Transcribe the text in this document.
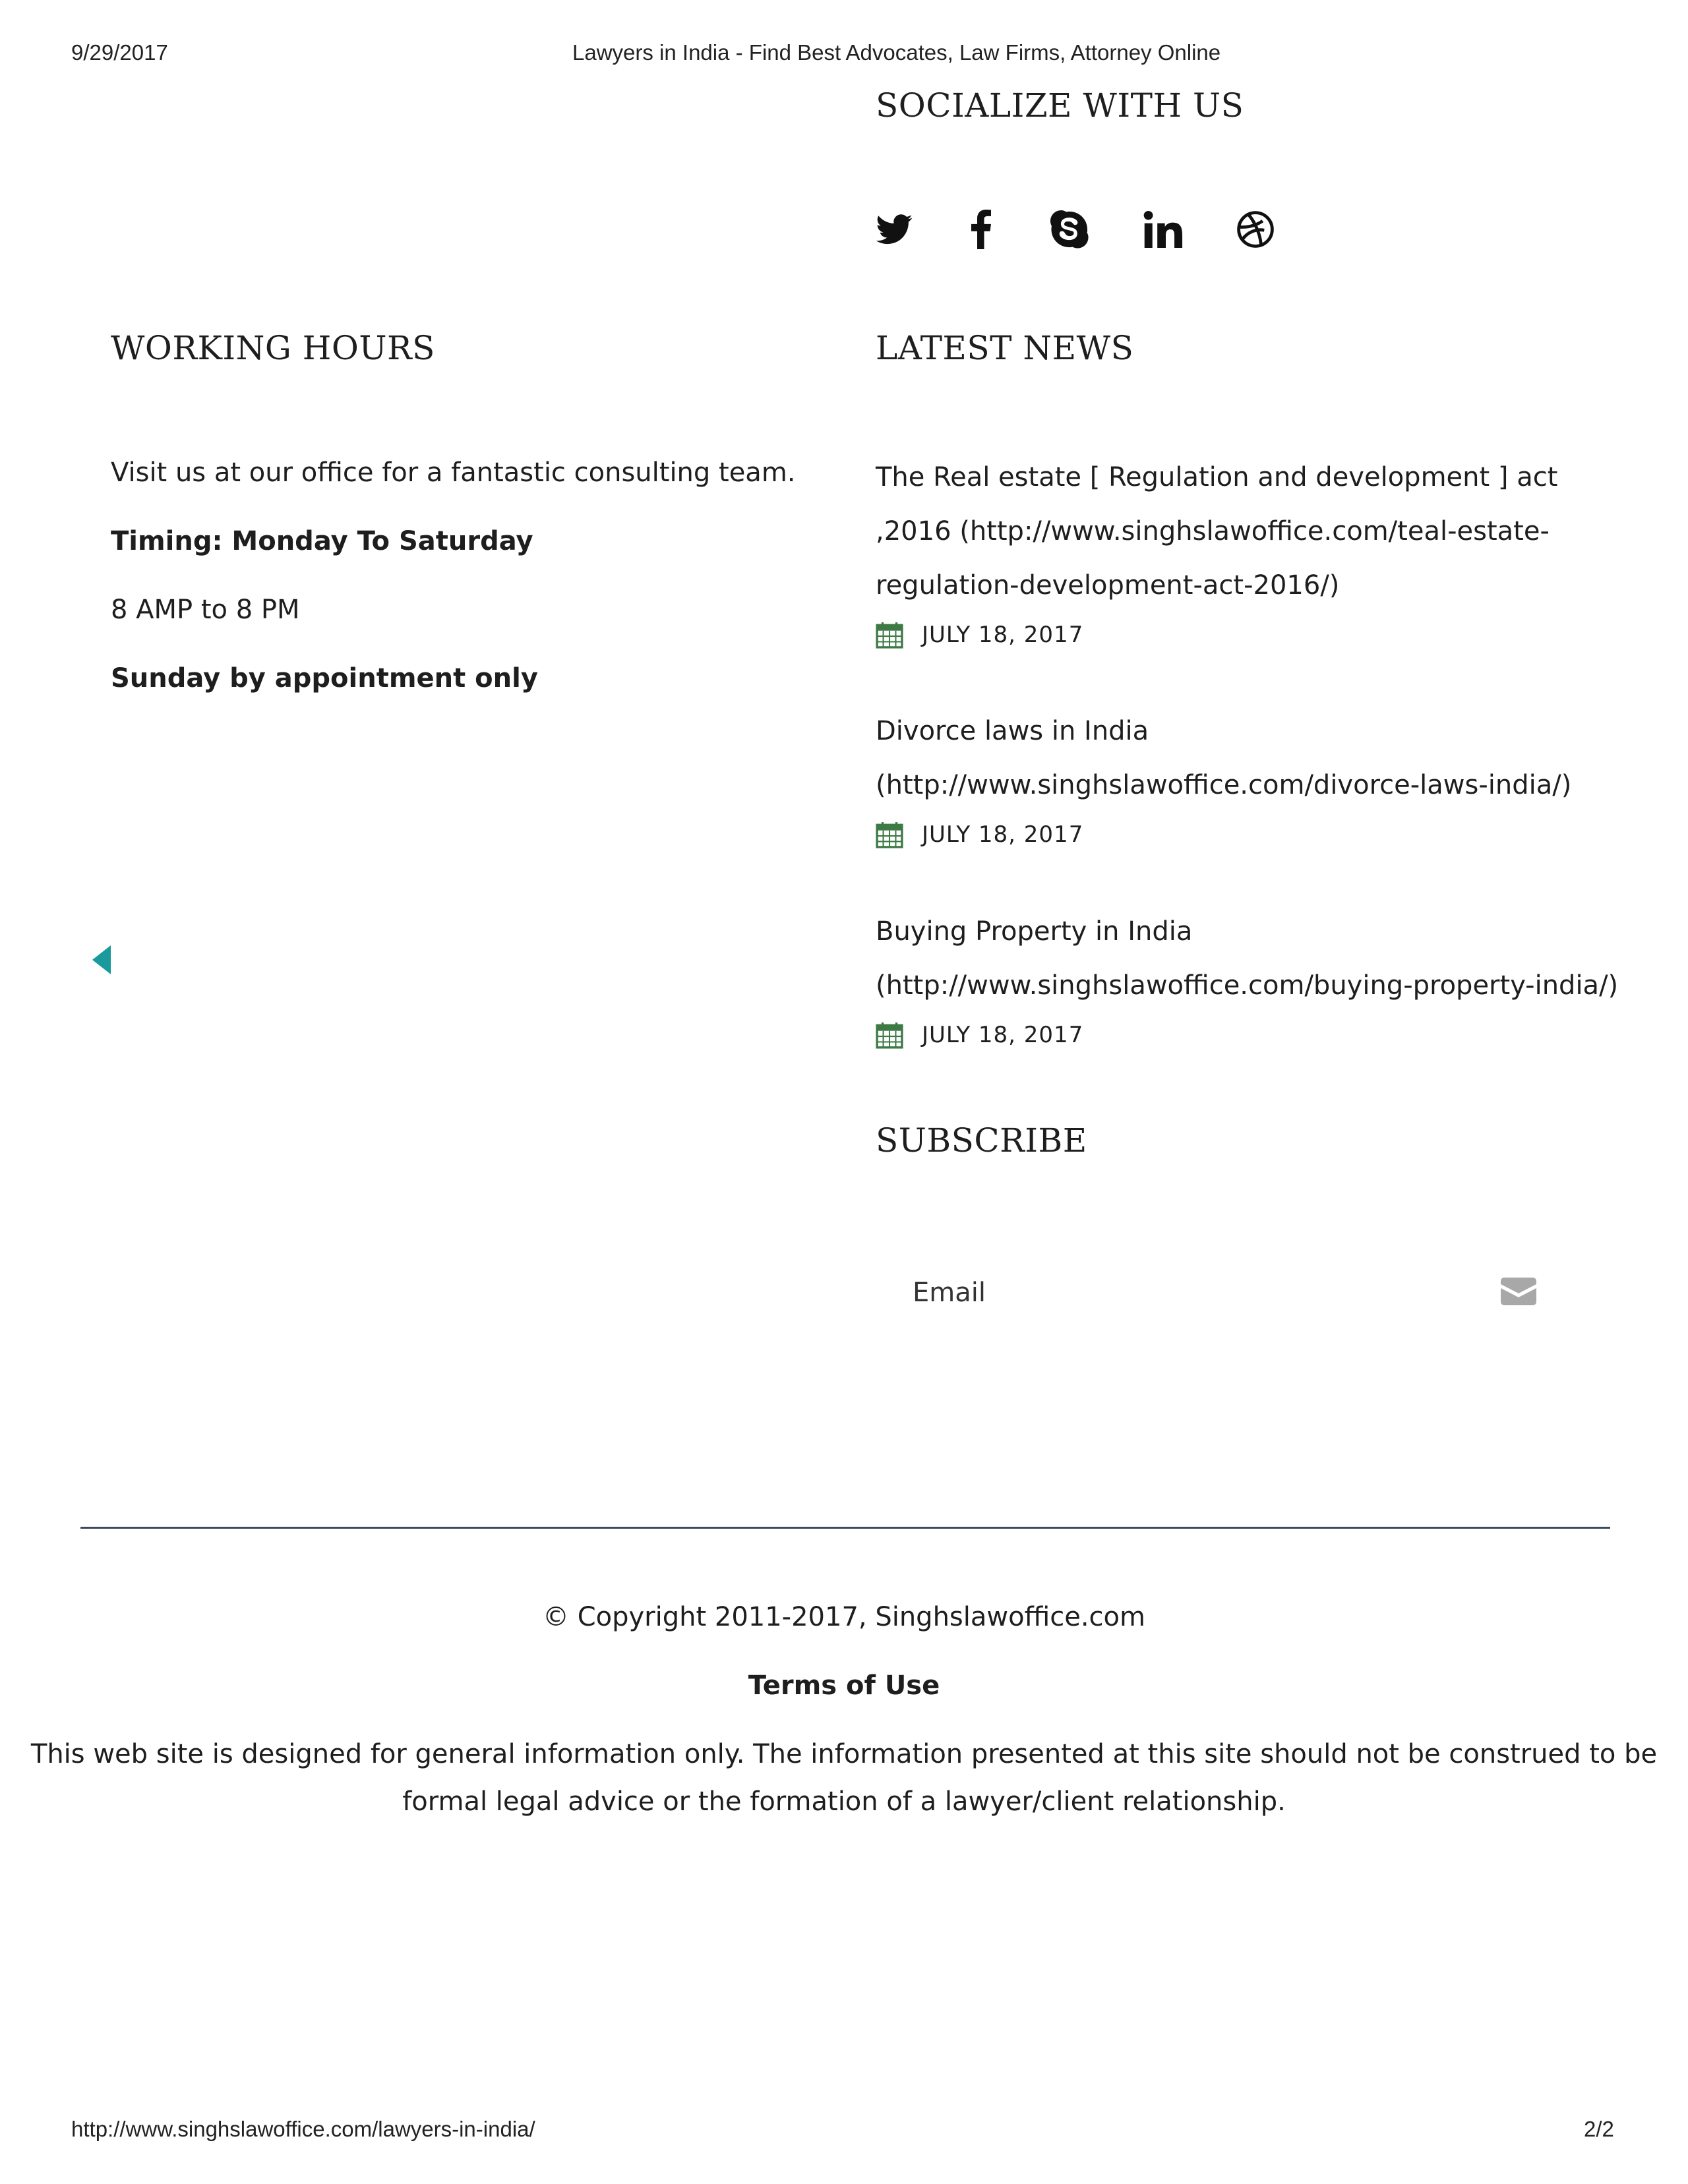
9/29/2017	Lawyers in India - Find Best Advocates, Law Firms, Attorney Online
SOCIALIZE WITH US
WORKING HOURS
Visit us at our office for a fantastic consulting team.
Timing: Monday To Saturday
8 AMP to 8 PM
Sunday by appointment only
LATEST NEWS
The Real estate [ Regulation and development ] act ,2016 (http://www.singhslawoffice.com/teal-estate-regulation-development-act-2016/)
JULY 18, 2017
Divorce laws in India (http://www.singhslawoffice.com/divorce-laws-india/)
JULY 18, 2017
Buying Property in India (http://www.singhslawoffice.com/buying-property-india/)
JULY 18, 2017
SUBSCRIBE
Email
© Copyright 2011-2017, Singhslawoffice.com
Terms of Use
This web site is designed for general information only. The information presented at this site should not be construed to be
formal legal advice or the formation of a lawyer/client relationship.
http://www.singhslawoffice.com/lawyers-in-india/	2/2
